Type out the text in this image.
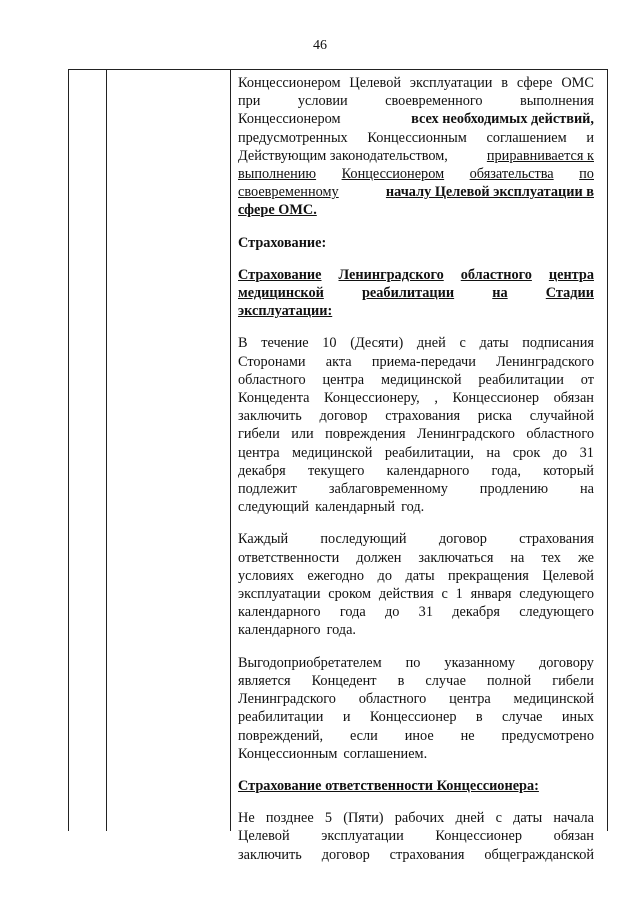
46
Концессионером Целевой эксплуатации в сфере ОМС
при	условии	своевременного	выполнения
Концессионером	всех необходимых действий,
предусмотренных Концессионным соглашением и
Действующим законодательством,	приравнивается к
выполнению Концессионером обязательства по
своевременному	началу Целевой эксплуатации в
сфере ОМС.
Страхование:
Страхование Ленинградского областного центра
медицинской	реабилитации	на	Стадии
эксплуатации:
В течение 10 (Десяти) дней с даты подписания
Сторонами акта приема-передачи Ленинградского
областного центра медицинской реабилитации от
Концедента Концессионеру, , Концессионер обязан
заключить договор страхования риска случайной
гибели или повреждения Ленинградского областного
центра медицинской реабилитации, на срок до 31
декабря текущего календарного года, который
подлежит заблаговременному продлению на
следующий календарный год.
Каждый последующий договор страхования
ответственности должен заключаться на тех же
условиях ежегодно до даты прекращения Целевой
эксплуатации сроком действия с 1 января следующего
календарного года до 31 декабря следующего
календарного года.
Выгодоприобретателем по указанному договору
является Концедент в случае полной гибели
Ленинградского областного центра медицинской
реабилитации и Концессионер в случае иных
повреждений, если иное не предусмотрено
Концессионным соглашением.
Страхование ответственности Концессионера:
Не позднее 5 (Пяти) рабочих дней с даты начала
Целевой эксплуатации Концессионер обязан
заключить договор страхования общегражданской
